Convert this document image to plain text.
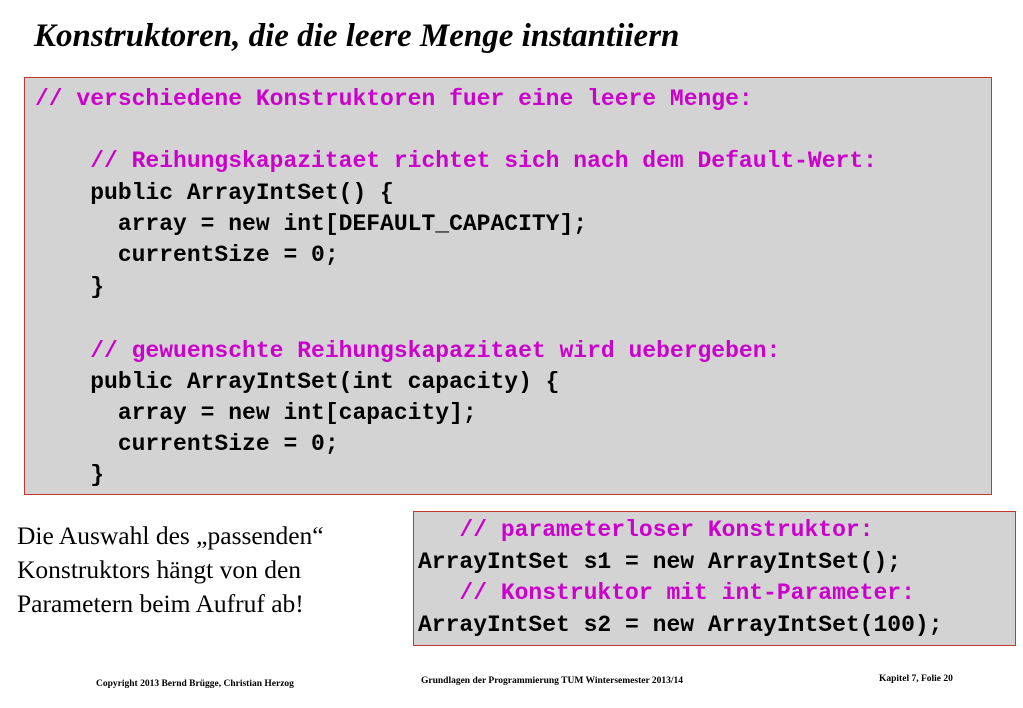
Konstruktoren, die die leere Menge instantiiern
// verschiedene Konstruktoren fuer eine leere Menge:
// Reihungskapazitaet richtet sich nach dem Default-Wert:
public ArrayIntSet() {
array = new int[DEFAULT_CAPACITY];
currentSize = 0;
}
// gewuenschte Reihungskapazitaet wird uebergeben:
public ArrayIntSet(int capacity) {
array = new int[capacity];
currentSize = 0;
}
Die Auswahl des „passenden“
Konstruktors hängt von den
Parametern beim Aufruf ab!
// parameterloser Konstruktor:
ArrayIntSet s1 = new ArrayIntSet();
// Konstruktor mit int-Parameter:
ArrayIntSet s2 = new ArrayIntSet(100);
Copyright 2013 Bernd Brügge, Christian Herzog	Grundlagen der Programmierung TUM Wintersemester 2013/14	Kapitel 7, Folie 20
